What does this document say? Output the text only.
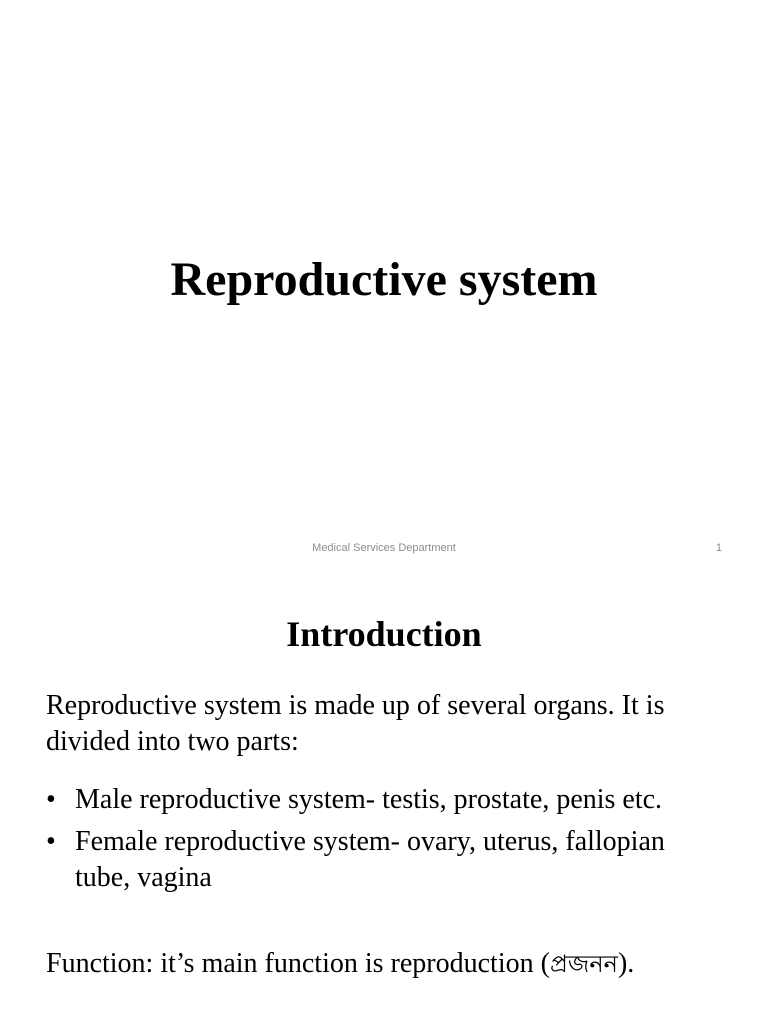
Reproductive system
Medical Services Department	1
Introduction
Reproductive system is made up of several organs. It is divided into two parts:
• Male reproductive system- testis, prostate, penis etc.
• Female reproductive system- ovary, uterus, fallopian tube, vagina
Function: it’s main function is reproduction (প্রজনন).
